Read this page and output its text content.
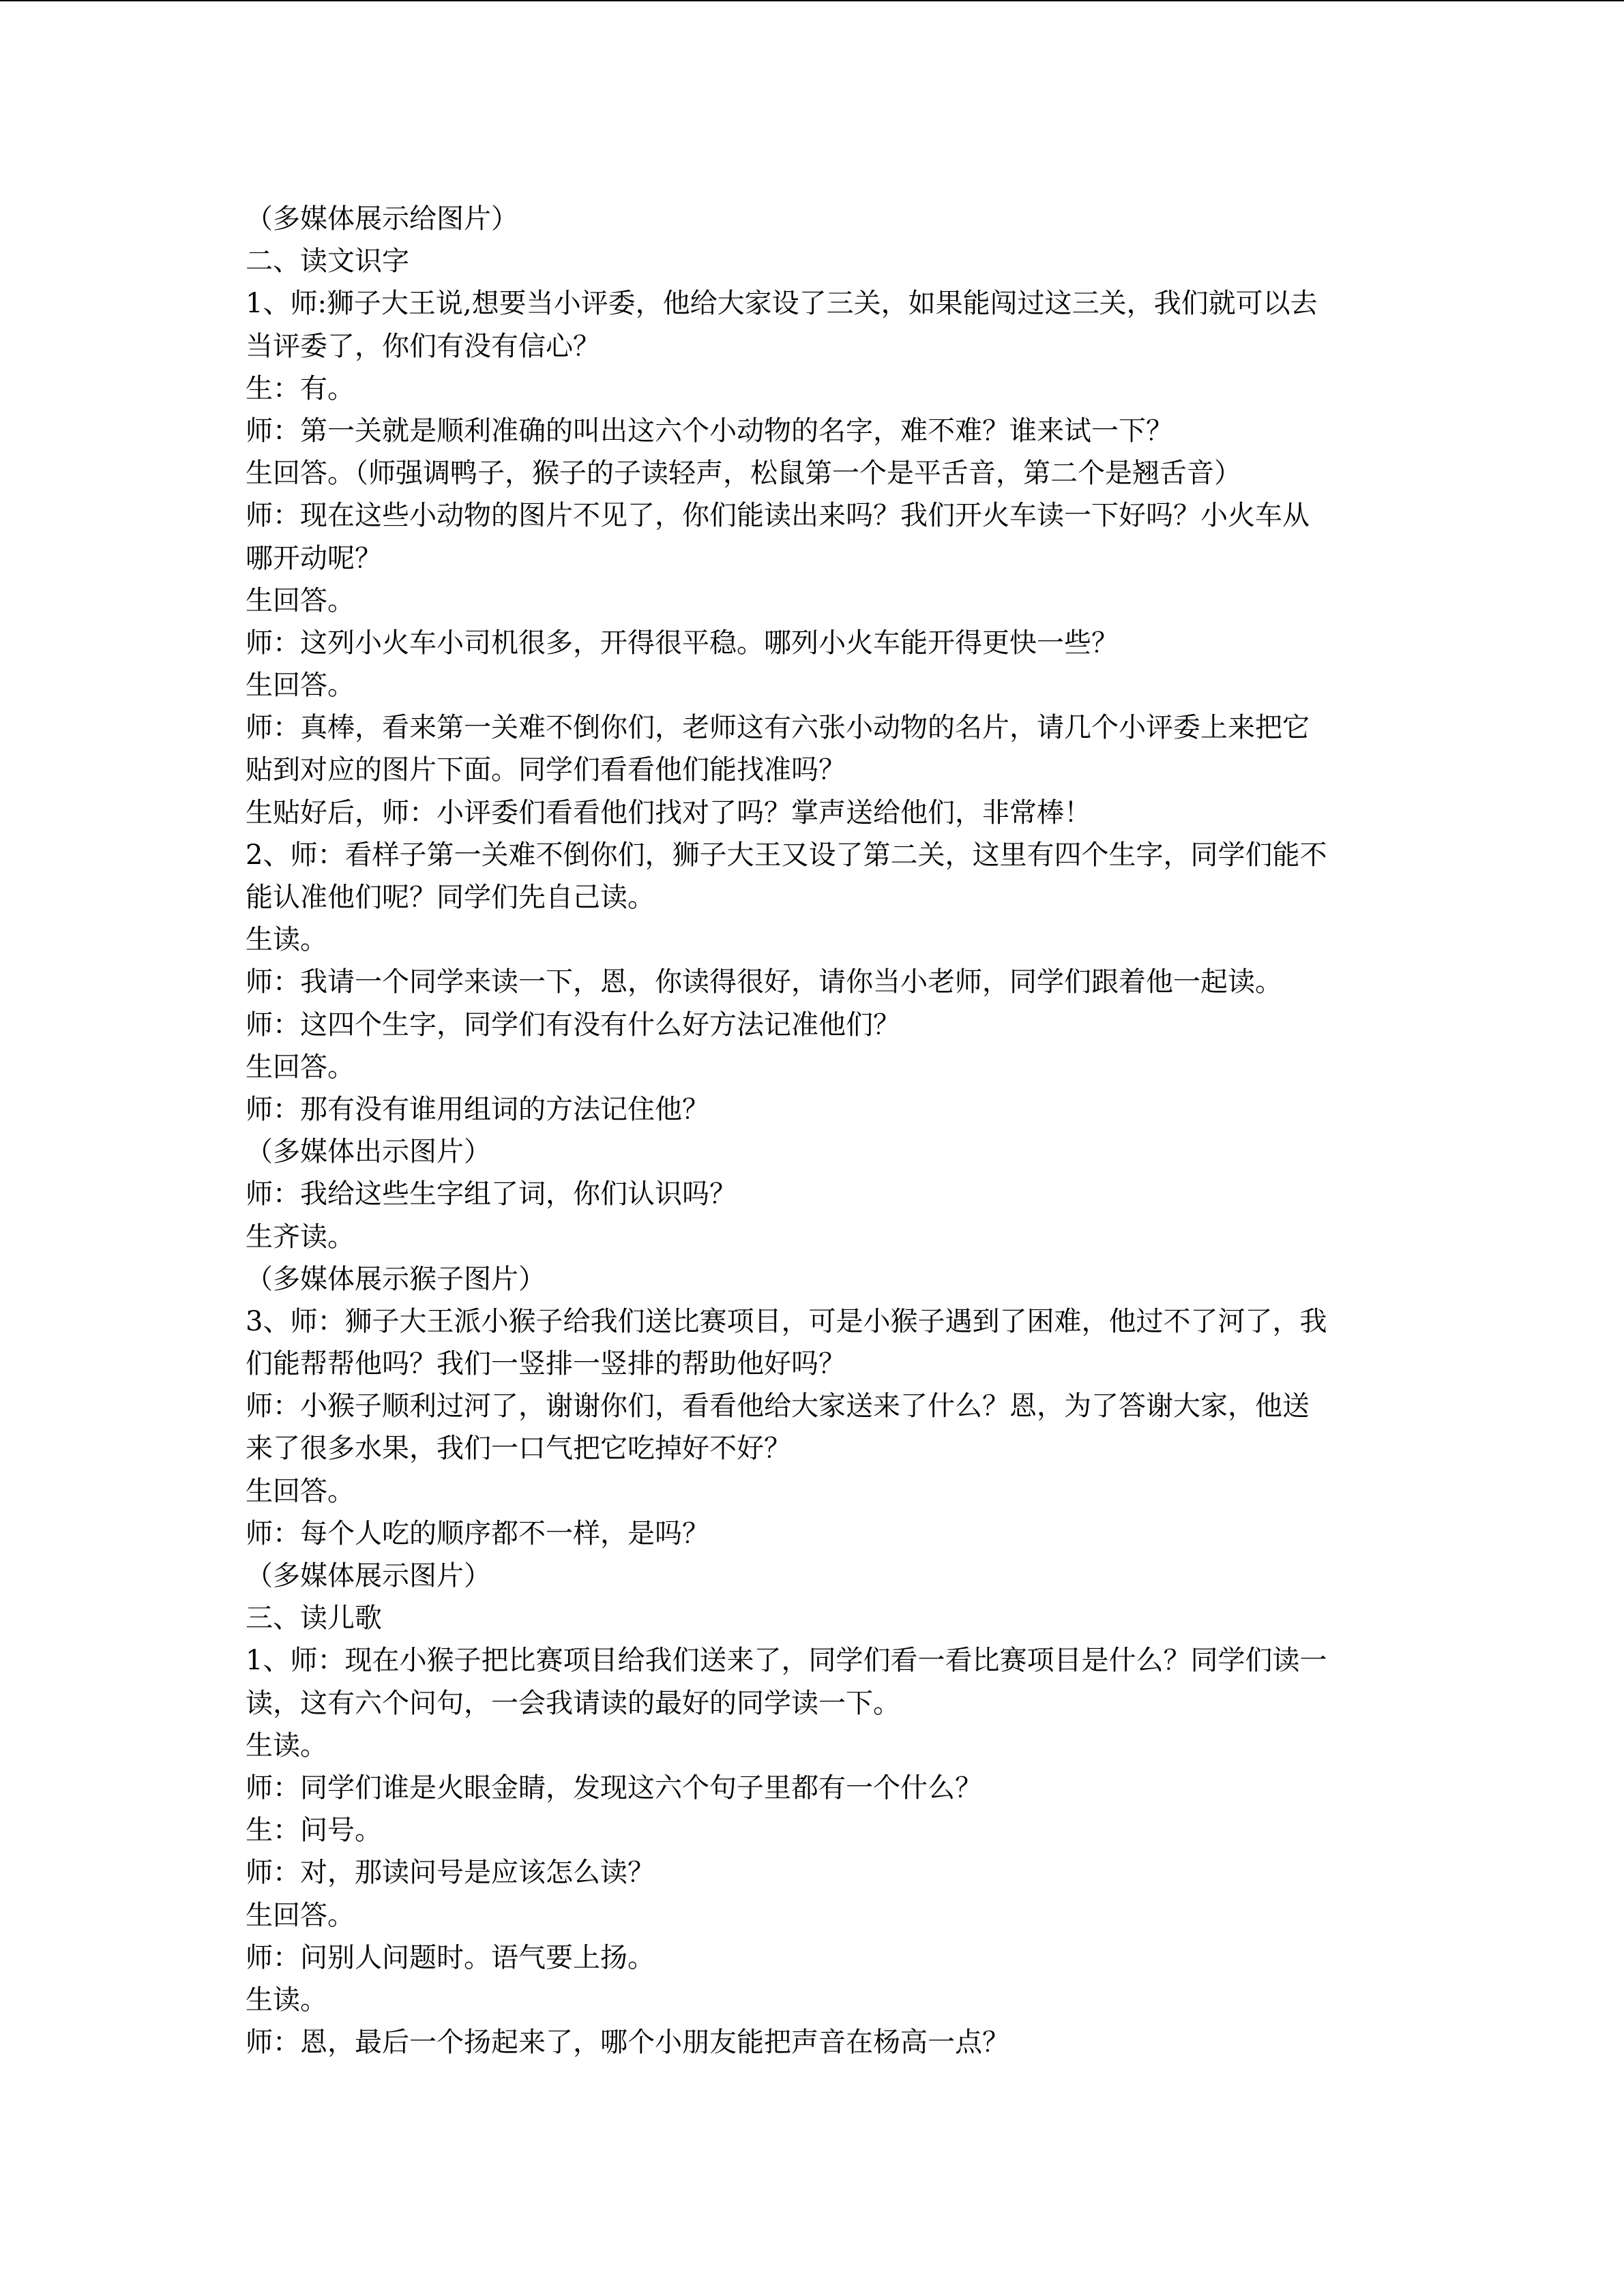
（多媒体展示给图片）
二、读文识字
1、师:狮子大王说,想要当小评委，他给大家设了三关，如果能闯过这三关，我们就可以去
当评委了，你们有没有信心？
生：有。
师：第一关就是顺利准确的叫出这六个小动物的名字，难不难？谁来试一下？
生回答。（师强调鸭子，猴子的子读轻声，松鼠第一个是平舌音，第二个是翘舌音）
师：现在这些小动物的图片不见了，你们能读出来吗？我们开火车读一下好吗？小火车从
哪开动呢？
生回答。
师：这列小火车小司机很多，开得很平稳。哪列小火车能开得更快一些？
生回答。
师：真棒，看来第一关难不倒你们，老师这有六张小动物的名片，请几个小评委上来把它
贴到对应的图片下面。同学们看看他们能找准吗？
生贴好后，师：小评委们看看他们找对了吗？掌声送给他们，非常棒！
2、师：看样子第一关难不倒你们，狮子大王又设了第二关，这里有四个生字，同学们能不
能认准他们呢？同学们先自己读。
生读。
师：我请一个同学来读一下，恩，你读得很好，请你当小老师，同学们跟着他一起读。
师：这四个生字，同学们有没有什么好方法记准他们？
生回答。
师：那有没有谁用组词的方法记住他？
（多媒体出示图片）
师：我给这些生字组了词，你们认识吗？
生齐读。
（多媒体展示猴子图片）
3、师：狮子大王派小猴子给我们送比赛项目，可是小猴子遇到了困难，他过不了河了，我
们能帮帮他吗？我们一竖排一竖排的帮助他好吗？
师：小猴子顺利过河了，谢谢你们，看看他给大家送来了什么？恩，为了答谢大家，他送
来了很多水果，我们一口气把它吃掉好不好？
生回答。
师：每个人吃的顺序都不一样，是吗？
（多媒体展示图片）
三、读儿歌
1、师：现在小猴子把比赛项目给我们送来了，同学们看一看比赛项目是什么？同学们读一
读，这有六个问句，一会我请读的最好的同学读一下。
生读。
师：同学们谁是火眼金睛，发现这六个句子里都有一个什么？
生：问号。
师：对，那读问号是应该怎么读？
生回答。
师：问别人问题时。语气要上扬。
生读。
师：恩，最后一个扬起来了，哪个小朋友能把声音在杨高一点？
